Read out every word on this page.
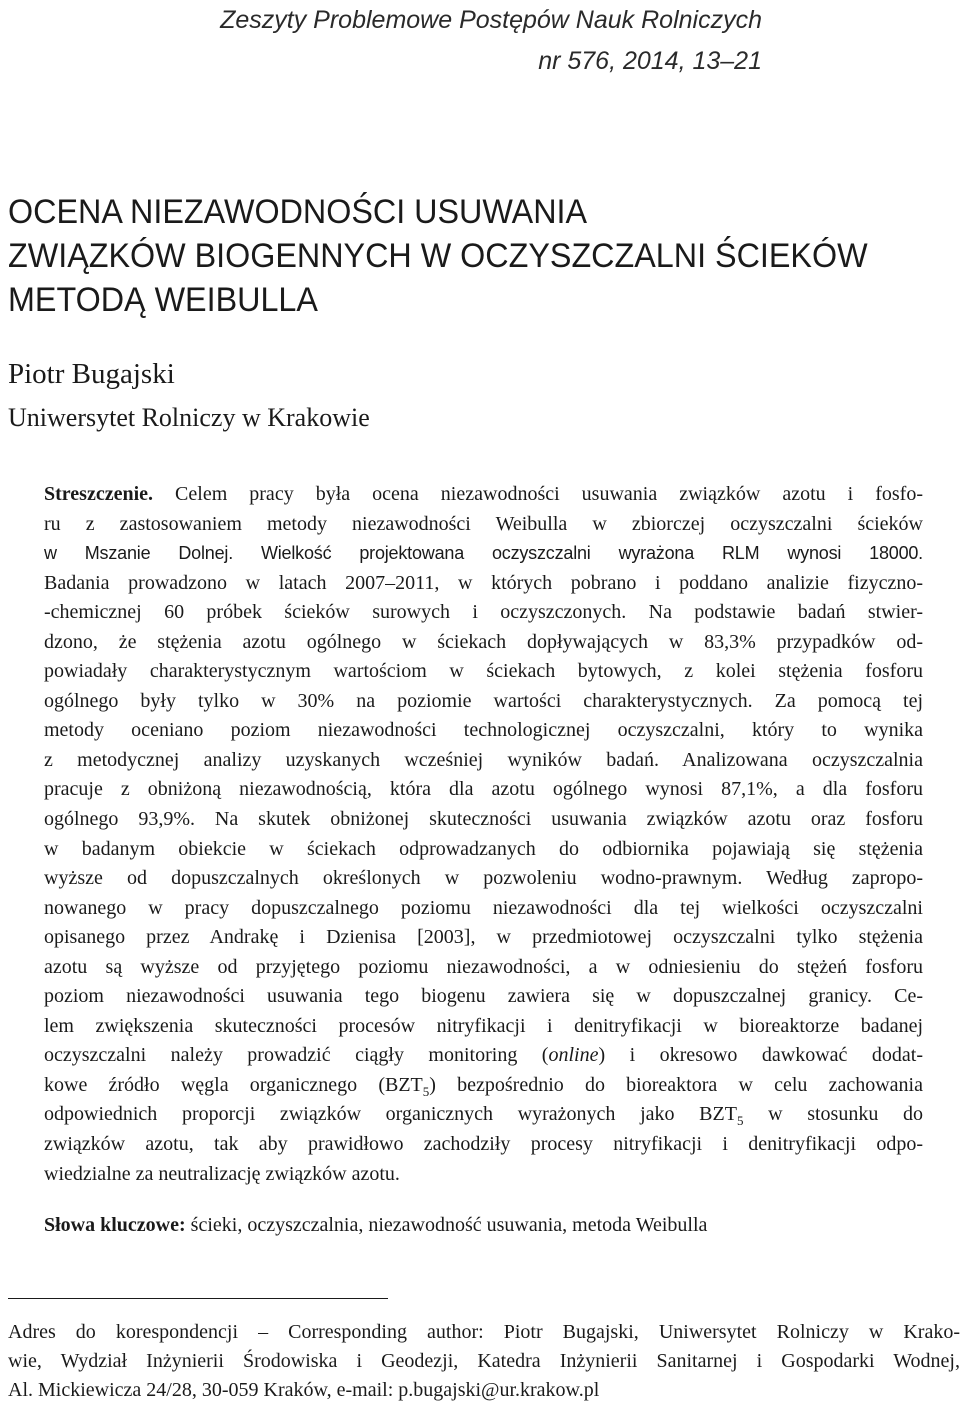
Zeszyty Problemowe Postępów Nauk Rolniczych
nr 576, 2014, 13–21
OCENA NIEZAWODNOŚCI USUWANIA
ZWIĄZKÓW BIOGENNYCH W OCZYSZCZALNI ŚCIEKÓW
METODĄ WEIBULLA
Piotr Bugajski
Uniwersytet Rolniczy w Krakowie
Streszczenie. Celem pracy była ocena niezawodności usuwania związków azotu i fosfo-
ru z zastosowaniem metody niezawodności Weibulla w zbiorczej oczyszczalni ścieków
w Mszanie Dolnej. Wielkość projektowana oczyszczalni wyrażona RLM wynosi 18000.
Badania prowadzono w latach 2007–2011, w których pobrano i poddano analizie fizyczno-
-chemicznej 60 próbek ścieków surowych i oczyszczonych. Na podstawie badań stwier-
dzono, że stężenia azotu ogólnego w ściekach dopływających w 83,3% przypadków od-
powiadały charakterystycznym wartościom w ściekach bytowych, z kolei stężenia fosforu
ogólnego były tylko w 30% na poziomie wartości charakterystycznych. Za pomocą tej
metody oceniano poziom niezawodności technologicznej oczyszczalni, który to wynika
z metodycznej analizy uzyskanych wcześniej wyników badań. Analizowana oczyszczalnia
pracuje z obniżoną niezawodnością, która dla azotu ogólnego wynosi 87,1%, a dla fosforu
ogólnego 93,9%. Na skutek obniżonej skuteczności usuwania związków azotu oraz fosforu
w badanym obiekcie w ściekach odprowadzanych do odbiornika pojawiają się stężenia
wyższe od dopuszczalnych określonych w pozwoleniu wodno-prawnym. Według zapropo-
nowanego w pracy dopuszczalnego poziomu niezawodności dla tej wielkości oczyszczalni
opisanego przez Andrakę i Dzienisa [2003], w przedmiotowej oczyszczalni tylko stężenia
azotu są wyższe od przyjętego poziomu niezawodności, a w odniesieniu do stężeń fosforu
poziom niezawodności usuwania tego biogenu zawiera się w dopuszczalnej granicy. Ce-
lem zwiększenia skuteczności procesów nitryfikacji i denitryfikacji w bioreaktorze badanej
oczyszczalni należy prowadzić ciągły monitoring (online) i okresowo dawkować dodat-
kowe źródło węgla organicznego $(BZT_5)$ bezpośrednio do bioreaktora w celu zachowania
odpowiednich proporcji związków organicznych wyrażonych jako $BZT_5$ w stosunku do
związków azotu, tak aby prawidłowo zachodziły procesy nitryfikacji i denitryfikacji odpo-
wiedzialne za neutralizację związków azotu.
Słowa kluczowe: ścieki, oczyszczalnia, niezawodność usuwania, metoda Weibulla
Adres do korespondencji – Corresponding author: Piotr Bugajski, Uniwersytet Rolniczy w Krako-
wie, Wydział Inżynierii Środowiska i Geodezji, Katedra Inżynierii Sanitarnej i Gospodarki Wodnej,
Al. Mickiewicza 24/28, 30-059 Kraków, e-mail: p.bugajski@ur.krakow.pl
